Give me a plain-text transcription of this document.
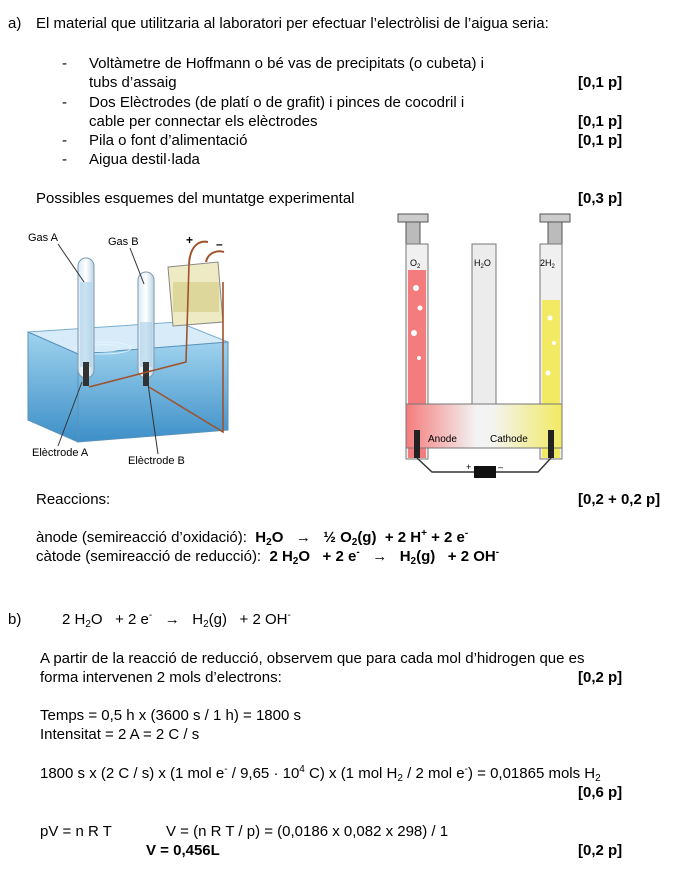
a) El material que utilitzaria al laboratori per efectuar l’electròlisi de l’aigua seria:
- Voltàmetre de Hoffmann o bé vas de precipitats (o cubeta) i
tubs d’assaig	[0,1 p]
- Dos Elèctrodes (de platí o de grafit) i pinces de cocodril i
cable per connectar els elèctrodes	[0,1 p]
- Pila o font d’alimentació	[0,1 p]
- Aigua destil·lada
Possibles esquemes del muntatge experimental	[0,3 p]
Gas A	Gas B	+ –
Elèctrode A
Elèctrode B	+	–
$O_2$	$H_2O$	$2H_2$
Anode	Cathode
Reaccions:	[0,2 + 0,2 p]
ànode (semireacció d’oxidació): $H_2O$ → ½ $O_2(g) + 2$ H+ + 2 e-
càtode (semireacció de reducció): 2 $H_2O + 2$ $e^- \to H_2(g) + 2$ OH-
b)	2 $H_2O + 2$ $e^- \to H_2(g) + 2$ OH-
A partir de la reacció de reducció, observem que para cada mol d’hidrogen que es
forma intervenen 2 mols d’electrons:	[0,2 p]
Temps = 0,5 h x (3600 s / 1 h) = 1800 s
Intensitat = 2 A = 2 C / s
1800 s x (2 C / s) x (1 mol $e^- / 9,65 \cdot 10^4$ C) x (1 mol $H_2 / 2$ mol e-) = 0,01865 mols $H_2$
[0,6 p]
pV = n R T	V = (n R T / p) = (0,0186 x 0,082 x 298) / 1
V = 0,456L	[0,2 p]
